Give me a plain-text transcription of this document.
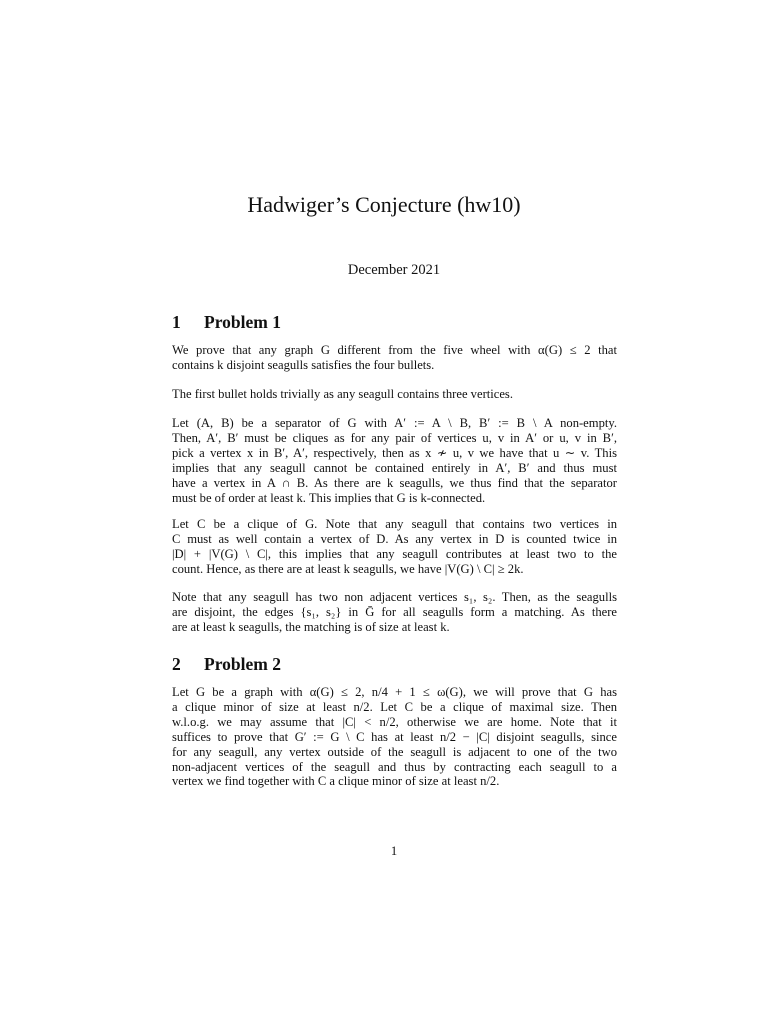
Hadwiger’s Conjecture (hw10)
December 2021
1 Problem 1
We prove that any graph G different from the five wheel with α(G) ≤ 2 that
contains k disjoint seagulls satisfies the four bullets.
The first bullet holds trivially as any seagull contains three vertices.
Let (A, B) be a separator of G with A′ := A \ B, B′ := B \ A non-empty.
Then, A′, B′ must be cliques as for any pair of vertices u, v in A′ or u, v in B′,
pick a vertex x in B′, A′, respectively, then as x ≁ u, v we have that u ∼ v. This
implies that any seagull cannot be contained entirely in A′, B′ and thus must
have a vertex in A ∩ B. As there are k seagulls, we thus find that the separator
must be of order at least k. This implies that G is k-connected.
Let C be a clique of G. Note that any seagull that contains two vertices in
C must as well contain a vertex of D. As any vertex in D is counted twice in
|D| + |V(G) \ C|, this implies that any seagull contributes at least two to the
count. Hence, as there are at least k seagulls, we have |V(G) \ C| ≥ 2k.
Note that any seagull has two non adjacent vertices s₁, s₂. Then, as the seagulls
are disjoint, the edges {s₁, s₂} in Ḡ for all seagulls form a matching. As there
are at least k seagulls, the matching is of size at least k.
2 Problem 2
Let G be a graph with α(G) ≤ 2, n/4 + 1 ≤ ω(G), we will prove that G has
a clique minor of size at least n/2. Let C be a clique of maximal size. Then
w.l.o.g. we may assume that |C| < n/2, otherwise we are home. Note that it
suffices to prove that G′ := G \ C has at least n/2 − |C| disjoint seagulls, since
for any seagull, any vertex outside of the seagull is adjacent to one of the two
non-adjacent vertices of the seagull and thus by contracting each seagull to a
vertex we find together with C a clique minor of size at least n/2.
1
